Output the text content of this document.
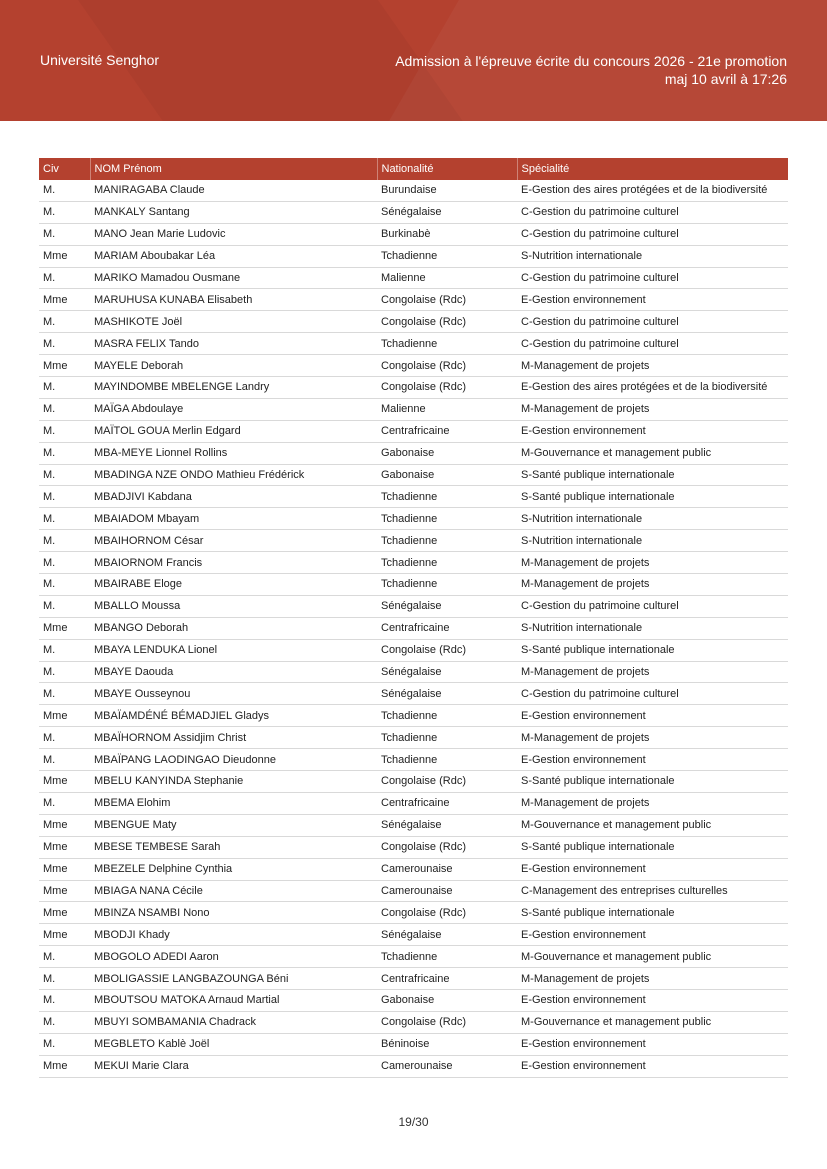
Université Senghor	Admission à l'épreuve écrite du concours 2026 - 21e promotion
maj 10 avril à 17:26
Civ	NOM Prénom	Nationalité	Spécialité
M.	MANIRAGABA Claude	Burundaise	E-Gestion des aires protégées et de la biodiversité
M.	MANKALY Santang	Sénégalaise	C-Gestion du patrimoine culturel
M.	MANO Jean Marie Ludovic	Burkinabè	C-Gestion du patrimoine culturel
Mme	MARIAM Aboubakar Léa	Tchadienne	S-Nutrition internationale
M.	MARIKO Mamadou Ousmane	Malienne	C-Gestion du patrimoine culturel
Mme	MARUHUSA KUNABA Elisabeth	Congolaise (Rdc)	E-Gestion environnement
M.	MASHIKOTE Joël	Congolaise (Rdc)	C-Gestion du patrimoine culturel
M.	MASRA FELIX Tando	Tchadienne	C-Gestion du patrimoine culturel
Mme	MAYELE Deborah	Congolaise (Rdc)	M-Management de projets
M.	MAYINDOMBE MBELENGE Landry	Congolaise (Rdc)	E-Gestion des aires protégées et de la biodiversité
M.	MAÏGA Abdoulaye	Malienne	M-Management de projets
M.	MAÏTOL GOUA Merlin Edgard	Centrafricaine	E-Gestion environnement
M.	MBA-MEYE Lionnel Rollins	Gabonaise	M-Gouvernance et management public
M.	MBADINGA NZE ONDO Mathieu Frédérick	Gabonaise	S-Santé publique internationale
M.	MBADJIVI Kabdana	Tchadienne	S-Santé publique internationale
M.	MBAIADOM Mbayam	Tchadienne	S-Nutrition internationale
M.	MBAIHORNOM César	Tchadienne	S-Nutrition internationale
M.	MBAIORNOM Francis	Tchadienne	M-Management de projets
M.	MBAIRABE Eloge	Tchadienne	M-Management de projets
M.	MBALLO Moussa	Sénégalaise	C-Gestion du patrimoine culturel
Mme	MBANGO Deborah	Centrafricaine	S-Nutrition internationale
M.	MBAYA LENDUKA Lionel	Congolaise (Rdc)	S-Santé publique internationale
M.	MBAYE Daouda	Sénégalaise	M-Management de projets
M.	MBAYE Ousseynou	Sénégalaise	C-Gestion du patrimoine culturel
Mme	MBAÏAMDÉNÉ BÉMADJIEL Gladys	Tchadienne	E-Gestion environnement
M.	MBAÏHORNOM Assidjim Christ	Tchadienne	M-Management de projets
M.	MBAÏPANG LAODINGAO Dieudonne	Tchadienne	E-Gestion environnement
Mme	MBELU KANYINDA Stephanie	Congolaise (Rdc)	S-Santé publique internationale
M.	MBEMA Elohim	Centrafricaine	M-Management de projets
Mme	MBENGUE Maty	Sénégalaise	M-Gouvernance et management public
Mme	MBESE TEMBESE Sarah	Congolaise (Rdc)	S-Santé publique internationale
Mme	MBEZELE Delphine Cynthia	Camerounaise	E-Gestion environnement
Mme	MBIAGA NANA Cécile	Camerounaise	C-Management des entreprises culturelles
Mme	MBINZA NSAMBI Nono	Congolaise (Rdc)	S-Santé publique internationale
Mme	MBODJI Khady	Sénégalaise	E-Gestion environnement
M.	MBOGOLO ADEDI Aaron	Tchadienne	M-Gouvernance et management public
M.	MBOLIGASSIE LANGBAZOUNGA Béni	Centrafricaine	M-Management de projets
M.	MBOUTSOU MATOKA Arnaud Martial	Gabonaise	E-Gestion environnement
M.	MBUYI SOMBAMANIA Chadrack	Congolaise (Rdc)	M-Gouvernance et management public
M.	MEGBLETO Kablè Joël	Béninoise	E-Gestion environnement
Mme	MEKUI Marie Clara	Camerounaise	E-Gestion environnement
19/30
